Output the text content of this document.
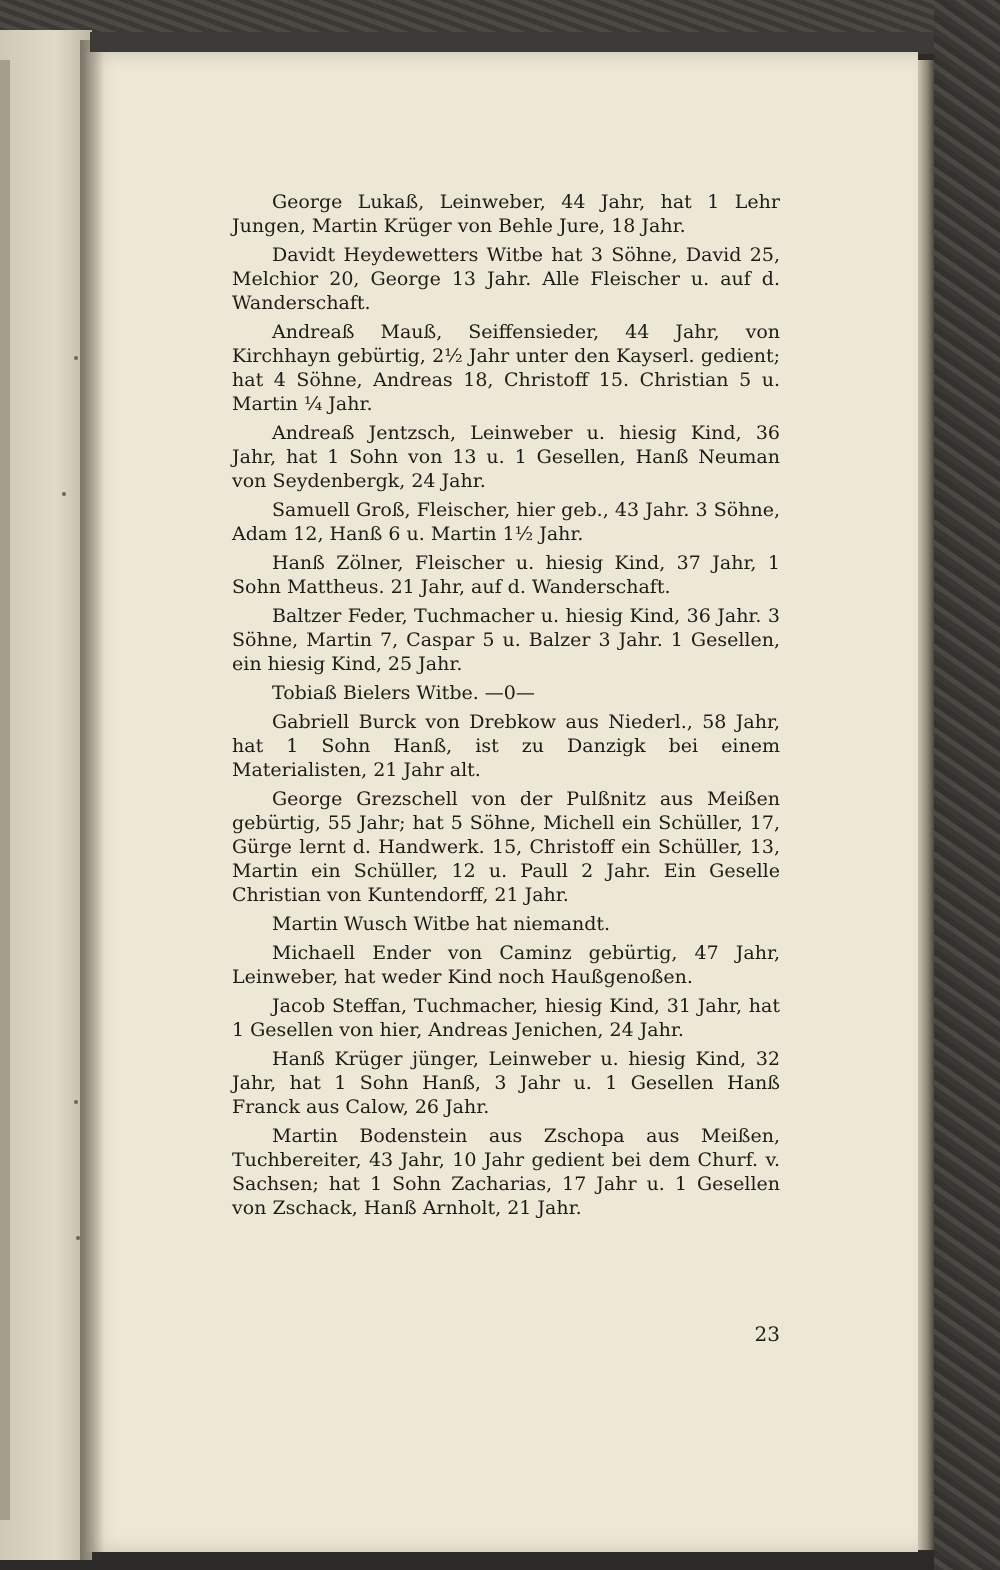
George Lukaß, Leinweber, 44 Jahr, hat 1 Lehr Jungen, Martin Krüger von Behle Jure, 18 Jahr.

Davidt Heydewetters Witbe hat 3 Söhne, David 25, Melchior 20, George 13 Jahr. Alle Fleischer u. auf d. Wanderschaft.

Andreaß Mauß, Seiffensieder, 44 Jahr, von Kirchhayn gebürtig, 2½ Jahr unter den Kayserl. gedient; hat 4 Söhne, Andreas 18, Christoff 15. Christian 5 u. Martin ¼ Jahr.

Andreaß Jentzsch, Leinweber u. hiesig Kind, 36 Jahr, hat 1 Sohn von 13 u. 1 Gesellen, Hanß Neuman von Seydenbergk, 24 Jahr.

Samuell Groß, Fleischer, hier geb., 43 Jahr. 3 Söhne, Adam 12, Hanß 6 u. Martin 1½ Jahr.

Hanß Zölner, Fleischer u. hiesig Kind, 37 Jahr, 1 Sohn Mattheus. 21 Jahr, auf d. Wanderschaft.

Baltzer Feder, Tuchmacher u. hiesig Kind, 36 Jahr. 3 Söhne, Martin 7, Caspar 5 u. Balzer 3 Jahr. 1 Gesellen, ein hiesig Kind, 25 Jahr.

Tobiaß Bielers Witbe. —0—

Gabriell Burck von Drebkow aus Niederl., 58 Jahr, hat 1 Sohn Hanß, ist zu Danzigk bei einem Materialisten, 21 Jahr alt.

George Grezschell von der Pulßnitz aus Meißen gebürtig, 55 Jahr; hat 5 Söhne, Michell ein Schüller, 17, Gürge lernt d. Handwerk. 15, Christoff ein Schüller, 13, Martin ein Schüller, 12 u. Paull 2 Jahr. Ein Geselle Christian von Kuntendorff, 21 Jahr.

Martin Wusch Witbe hat niemandt.

Michaell Ender von Caminz gebürtig, 47 Jahr, Leinweber, hat weder Kind noch Haußgenoßen.

Jacob Steffan, Tuchmacher, hiesig Kind, 31 Jahr, hat 1 Gesellen von hier, Andreas Jenichen, 24 Jahr.

Hanß Krüger jünger, Leinweber u. hiesig Kind, 32 Jahr, hat 1 Sohn Hanß, 3 Jahr u. 1 Gesellen Hanß Franck aus Calow, 26 Jahr.

Martin Bodenstein aus Zschopa aus Meißen, Tuchbereiter, 43 Jahr, 10 Jahr gedient bei dem Churf. v. Sachsen; hat 1 Sohn Zacharias, 17 Jahr u. 1 Gesellen von Zschack, Hanß Arnholt, 21 Jahr.

23
